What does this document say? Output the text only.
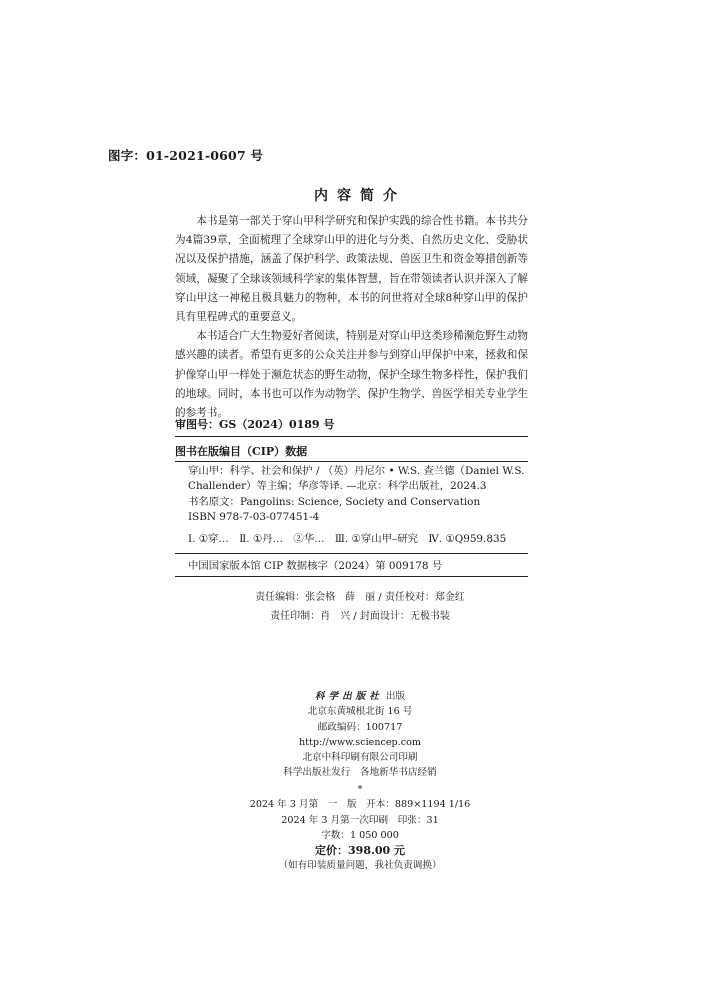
图字：01-2021-0607 号
内容简介

本书是第一部关于穿山甲科学研究和保护实践的综合性书籍。本书共分为4篇39章，全面梳理了全球穿山甲的进化与分类、自然历史文化、受胁状况以及保护措施，涵盖了保护科学、政策法规、兽医卫生和资金筹措创新等领域，凝聚了全球该领域科学家的集体智慧，旨在带领读者认识并深入了解穿山甲这一神秘且极具魅力的物种，本书的问世将对全球8种穿山甲的保护具有里程碑式的重要意义。

本书适合广大生物爱好者阅读，特别是对穿山甲这类珍稀濒危野生动物感兴趣的读者。希望有更多的公众关注并参与到穿山甲保护中来，拯救和保护像穿山甲一样处于濒危状态的野生动物，保护全球生物多样性，保护我们的地球。同时，本书也可以作为动物学、保护生物学、兽医学相关专业学生的参考书。

审图号：GS（2024）0189 号
图书在版编目（CIP）数据

穿山甲：科学、社会和保护 / （英）丹尼尔 • W.S. 查兰德（Daniel W.S. Challender）等主编；华彦等译. —北京：科学出版社，2024.3

书名原文：Pangolins: Science, Society and Conservation

ISBN 978-7-03-077451-4

Ⅰ. ①穿…　Ⅱ. ①丹…　②华…　Ⅲ. ①穿山甲–研究　Ⅳ. ①Q959.835

中国国家版本馆 CIP 数据核字（2024）第 009178 号
责任编辑：张会格　薛　丽 / 责任校对：郑金红
责任印制：肖　兴 / 封面设计：无极书装
科学出版社 出版
北京东黄城根北街 16 号
邮政编码：100717
http://www.sciencep.com
北京中科印刷有限公司印刷
科学出版社发行　各地新华书店经销
*
2024 年 3 月第　一　版　开本：889×1194 1/16
2024 年 3 月第一次印刷　印张：31
字数：1 050 000
定价：398.00 元
（如有印装质量问题，我社负责调换）
